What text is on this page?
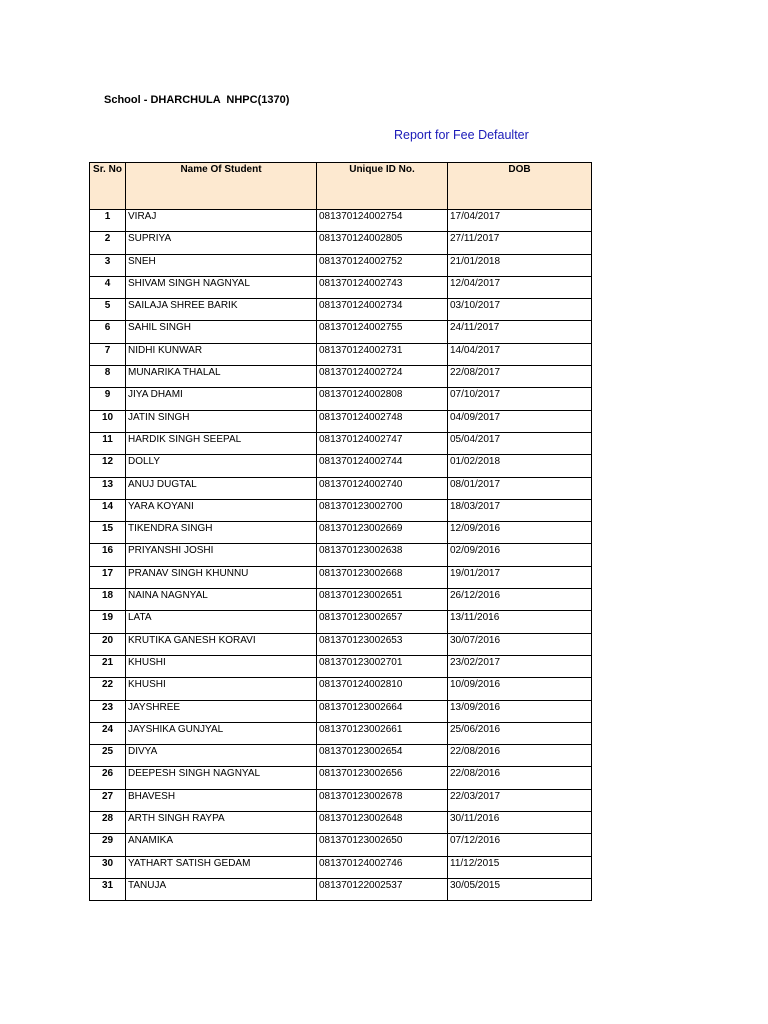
School - DHARCHULA  NHPC(1370)
Report for Fee Defaulter
Sr. No	Name Of Student	Unique ID No.	DOB
1	VIRAJ	081370124002754	17/04/2017
2	SUPRIYA	081370124002805	27/11/2017
3	SNEH	081370124002752	21/01/2018
4	SHIVAM SINGH NAGNYAL	081370124002743	12/04/2017
5	SAILAJA SHREE BARIK	081370124002734	03/10/2017
6	SAHIL SINGH	081370124002755	24/11/2017
7	NIDHI KUNWAR	081370124002731	14/04/2017
8	MUNARIKA THALAL	081370124002724	22/08/2017
9	JIYA DHAMI	081370124002808	07/10/2017
10	JATIN SINGH	081370124002748	04/09/2017
11	HARDIK SINGH SEEPAL	081370124002747	05/04/2017
12	DOLLY	081370124002744	01/02/2018
13	ANUJ DUGTAL	081370124002740	08/01/2017
14	YARA KOYANI	081370123002700	18/03/2017
15	TIKENDRA SINGH	081370123002669	12/09/2016
16	PRIYANSHI JOSHI	081370123002638	02/09/2016
17	PRANAV SINGH KHUNNU	081370123002668	19/01/2017
18	NAINA NAGNYAL	081370123002651	26/12/2016
19	LATA	081370123002657	13/11/2016
20	KRUTIKA GANESH KORAVI	081370123002653	30/07/2016
21	KHUSHI	081370123002701	23/02/2017
22	KHUSHI	081370124002810	10/09/2016
23	JAYSHREE	081370123002664	13/09/2016
24	JAYSHIKA GUNJYAL	081370123002661	25/06/2016
25	DIVYA	081370123002654	22/08/2016
26	DEEPESH SINGH NAGNYAL	081370123002656	22/08/2016
27	BHAVESH	081370123002678	22/03/2017
28	ARTH SINGH RAYPA	081370123002648	30/11/2016
29	ANAMIKA	081370123002650	07/12/2016
30	YATHART SATISH GEDAM	081370124002746	11/12/2015
31	TANUJA	081370122002537	30/05/2015
